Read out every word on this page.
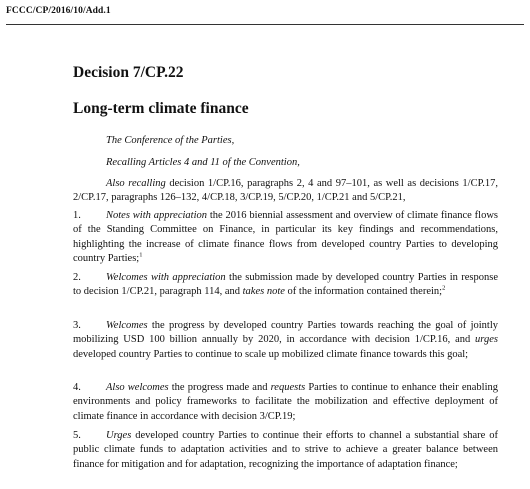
FCCC/CP/2016/10/Add.1
Decision 7/CP.22
Long-term climate finance
The Conference of the Parties,
Recalling Articles 4 and 11 of the Convention,
Also recalling decision 1/CP.16, paragraphs 2, 4 and 97–101, as well as decisions 1/CP.17, 2/CP.17, paragraphs 126–132, 4/CP.18, 3/CP.19, 5/CP.20, 1/CP.21 and 5/CP.21,
1. Notes with appreciation the 2016 biennial assessment and overview of climate finance flows of the Standing Committee on Finance, in particular its key findings and recommendations, highlighting the increase of climate finance flows from developed country Parties to developing country Parties;$^1$
2. Welcomes with appreciation the submission made by developed country Parties in response to decision 1/CP.21, paragraph 114, and takes note of the information contained therein;$^2$
3. Welcomes the progress by developed country Parties towards reaching the goal of jointly mobilizing USD 100 billion annually by 2020, in accordance with decision 1/CP.16, and urges developed country Parties to continue to scale up mobilized climate finance towards this goal;
4. Also welcomes the progress made and requests Parties to continue to enhance their enabling environments and policy frameworks to facilitate the mobilization and effective deployment of climate finance in accordance with decision 3/CP.19;
5. Urges developed country Parties to continue their efforts to channel a substantial share of public climate funds to adaptation activities and to strive to achieve a greater balance between finance for mitigation and for adaptation, recognizing the importance of adaptation finance;
